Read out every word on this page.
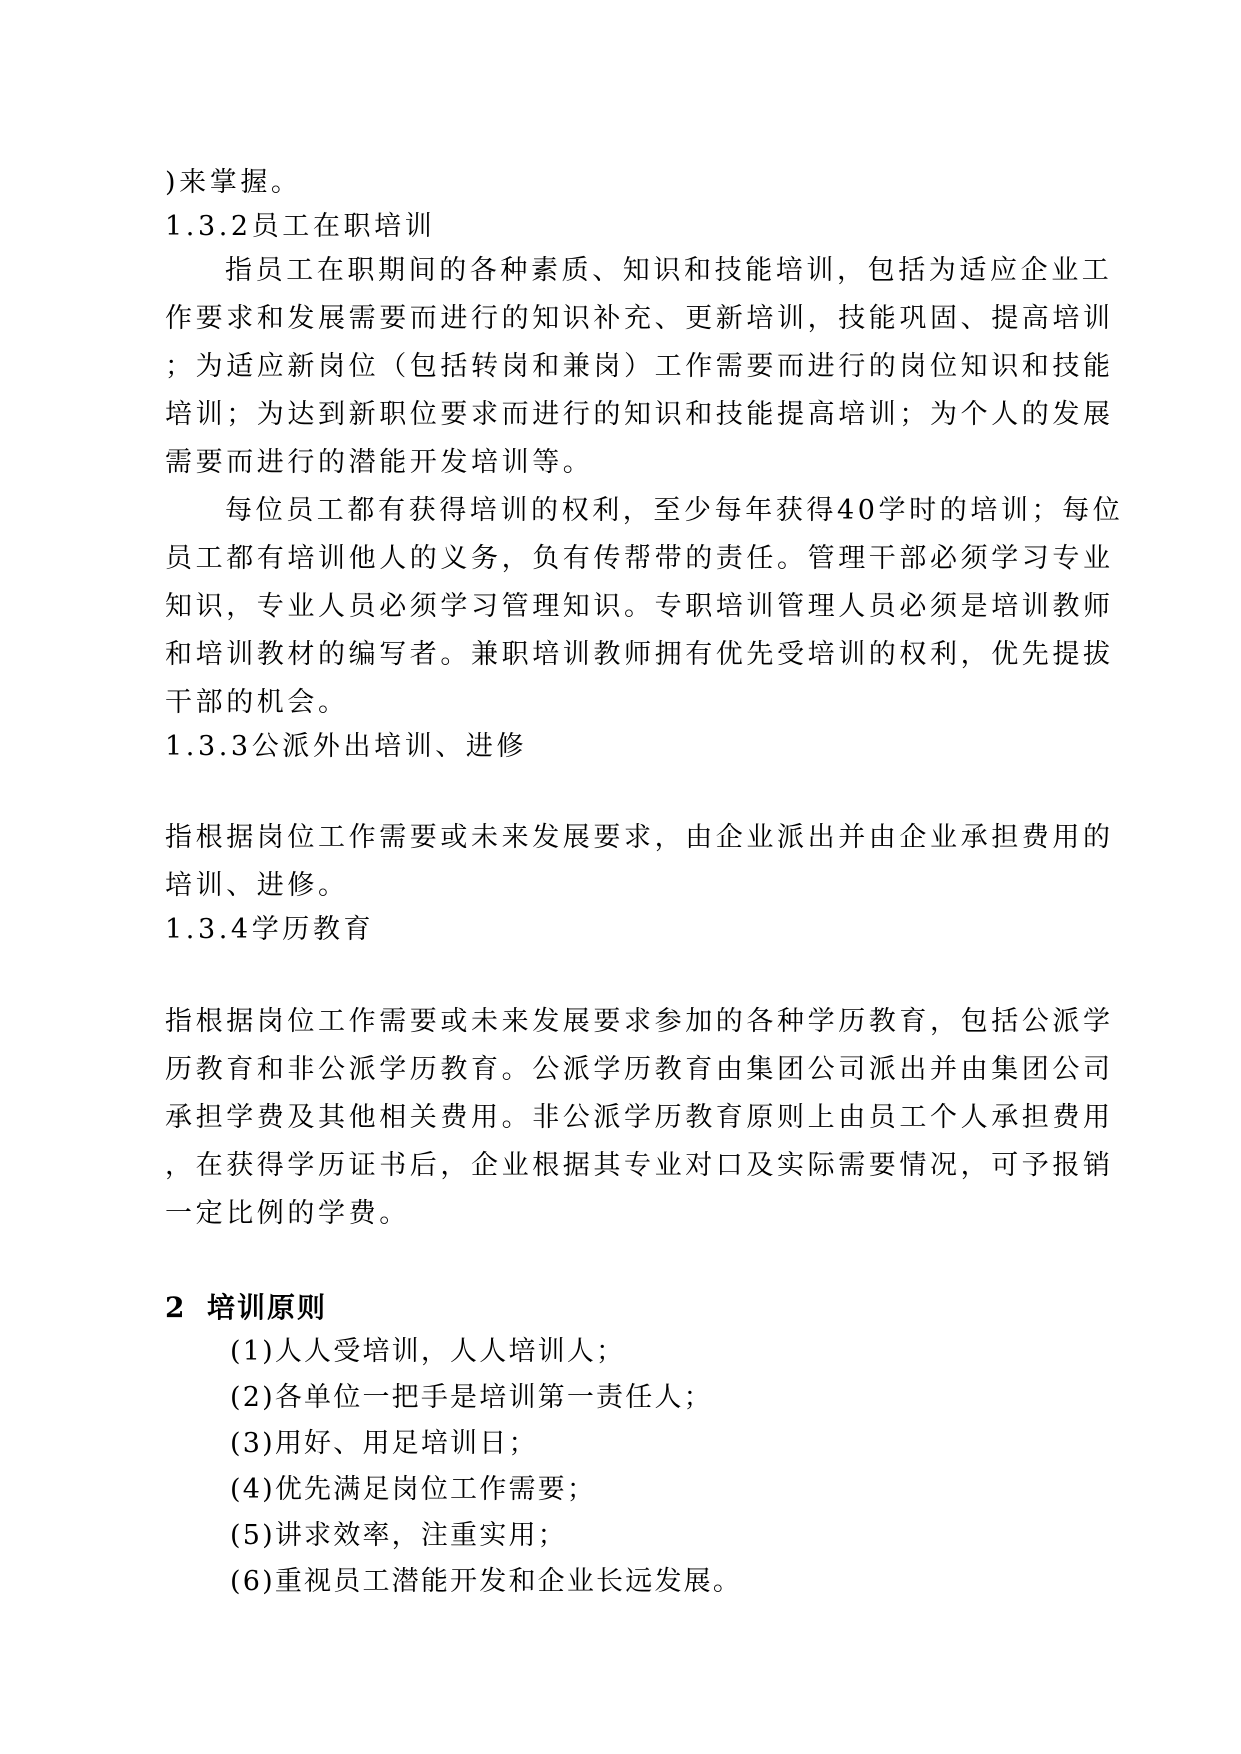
)来掌握。
1.3.2员工在职培训
指员工在职期间的各种素质、知识和技能培训，包括为适应企业工
作要求和发展需要而进行的知识补充、更新培训，技能巩固、提高培训
；为适应新岗位（包括转岗和兼岗）工作需要而进行的岗位知识和技能
培训；为达到新职位要求而进行的知识和技能提高培训；为个人的发展
需要而进行的潜能开发培训等。
每位员工都有获得培训的权利，至少每年获得40学时的培训；每位
员工都有培训他人的义务，负有传帮带的责任。管理干部必须学习专业
知识，专业人员必须学习管理知识。专职培训管理人员必须是培训教师
和培训教材的编写者。兼职培训教师拥有优先受培训的权利，优先提拔
干部的机会。
1.3.3公派外出培训、进修
指根据岗位工作需要或未来发展要求，由企业派出并由企业承担费用的
培训、进修。
1.3.4学历教育
指根据岗位工作需要或未来发展要求参加的各种学历教育，包括公派学
历教育和非公派学历教育。公派学历教育由集团公司派出并由集团公司
承担学费及其他相关费用。非公派学历教育原则上由员工个人承担费用
，在获得学历证书后，企业根据其专业对口及实际需要情况，可予报销
一定比例的学费。
2 培训原则
(1)人人受培训，人人培训人；
(2)各单位一把手是培训第一责任人；
(3)用好、用足培训日；
(4)优先满足岗位工作需要；
(5)讲求效率，注重实用；
(6)重视员工潜能开发和企业长远发展。
